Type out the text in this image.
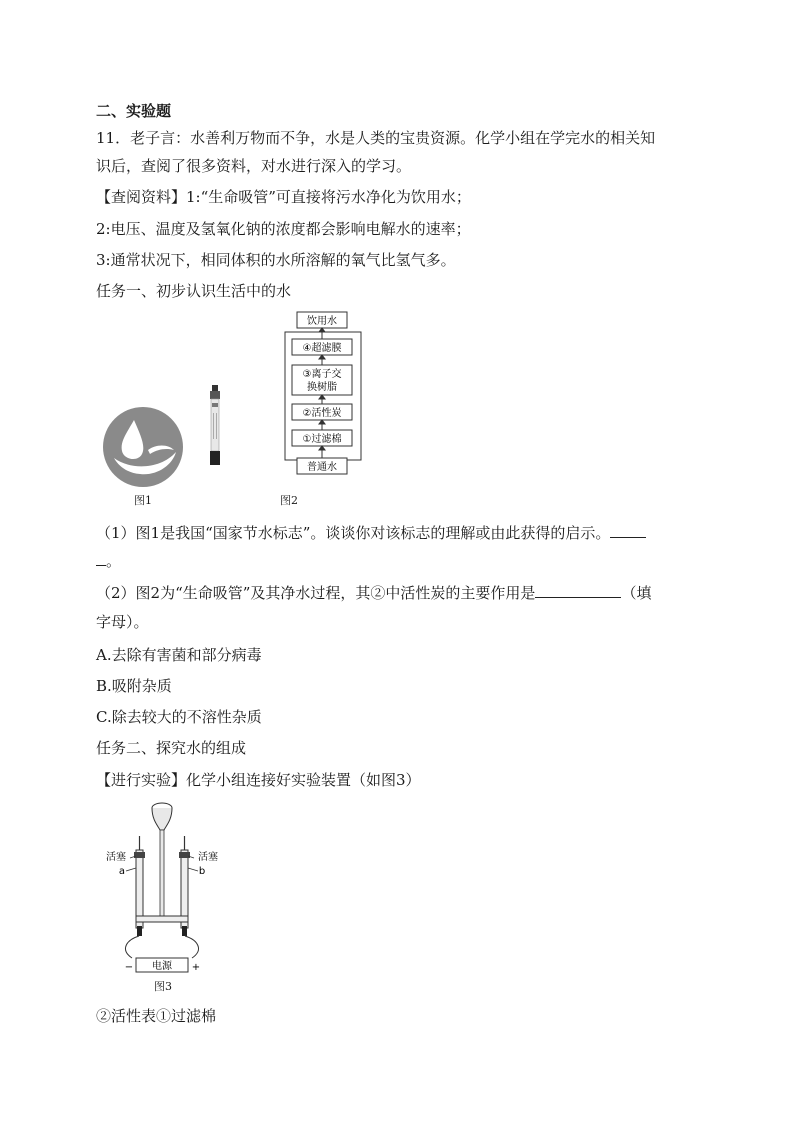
二、实验题
11．老子言：水善利万物而不争，水是人类的宝贵资源。化学小组在学完水的相关知
识后，查阅了很多资料，对水进行深入的学习。
【查阅资料】1:“生命吸管”可直接将污水净化为饮用水；
2:电压、温度及氢氧化钠的浓度都会影响电解水的速率；
3:通常状况下，相同体积的水所溶解的氧气比氢气多。
任务一、初步认识生活中的水
图1
饮用水
④超滤膜
③离子交
换树脂
②活性炭
①过滤棉
普通水
图2
（1）图1是我国“国家节水标志”。谈谈你对该标志的理解或由此获得的启示。
。
（2）图2为“生命吸管”及其净水过程，其②中活性炭的主要作用是	（填
字母）。
A.去除有害菌和部分病毒
B.吸附杂质
C.除去较大的不溶性杂质
任务二、探究水的组成
【进行实验】化学小组连接好实验装置（如图3）
活塞	活塞
a	b
电源
−	+
图3
②活性表①过滤棉
